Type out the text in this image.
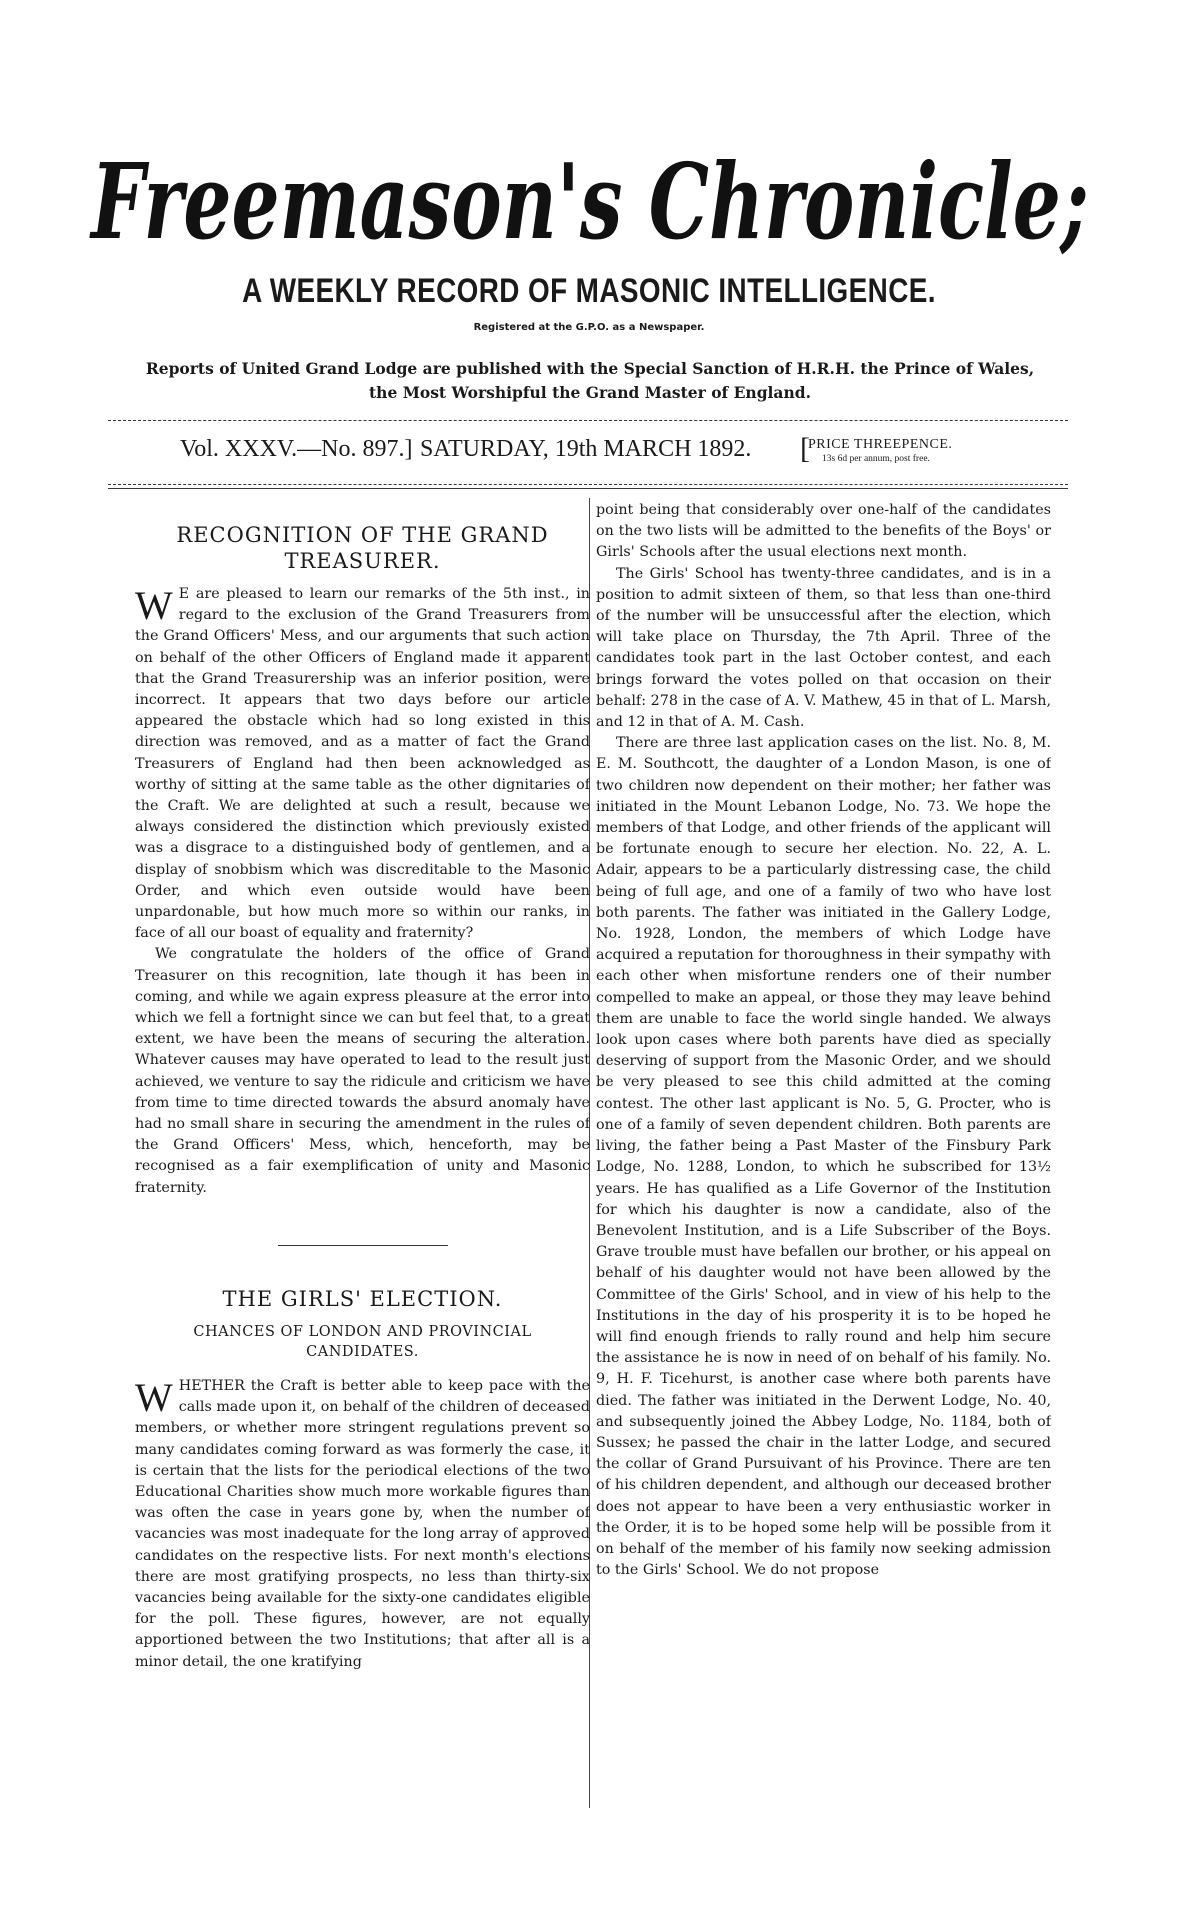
Freemason's Chronicle;
A WEEKLY RECORD OF MASONIC INTELLIGENCE.
Registered at the G.P.O. as a Newspaper.
Reports of United Grand Lodge are published with the Special Sanction of H.R.H. the Prince of Wales,
the Most Worshipful the Grand Master of England.
Vol. XXXV.—No. 897.] SATURDAY, 19th MARCH 1892. [
PRICE THREEPENCE.
13s 6d per annum, post free.
RECOGNITION OF THE GRAND TREASURER.

W E are pleased to learn our remarks of the 5th inst., in regard to the exclusion of the Grand Treasurers from the Grand Officers' Mess, and our arguments that such action on behalf of the other Officers of England made it apparent that the Grand Treasurership was an inferior position, were incorrect. It appears that two days before our article appeared the obstacle which had so long existed in this direction was removed, and as a matter of fact the Grand Treasurers of England had then been acknowledged as worthy of sitting at the same table as the other dignitaries of the Craft. We are delighted at such a result, because we always considered the distinction which previously existed was a disgrace to a distinguished body of gentlemen, and a display of snobbism which was discreditable to the Masonic Order, and which even outside would have been unpardonable, but how much more so within our ranks, in face of all our boast of equality and fraternity?

We congratulate the holders of the office of Grand Treasurer on this recognition, late though it has been in coming, and while we again express pleasure at the error into which we fell a fortnight since we can but feel that, to a great extent, we have been the means of securing the alteration. Whatever causes may have operated to lead to the result just achieved, we venture to say the ridicule and criticism we have from time to time directed towards the absurd anomaly have had no small share in securing the amendment in the rules of the Grand Officers' Mess, which, henceforth, may be recognised as a fair exemplification of unity and Masonic fraternity.

THE GIRLS' ELECTION.
CHANCES OF LONDON AND PROVINCIAL CANDIDATES.

WHETHER the Craft is better able to keep pace with the calls made upon it, on behalf of the children of deceased members, or whether more stringent regulations prevent so many candidates coming forward as was formerly the case, it is certain that the lists for the periodical elections of the two Educational Charities show much more workable figures than was often the case in years gone by, when the number of vacancies was most inadequate for the long array of approved candidates on the respective lists. For next month's elections there are most gratifying prospects, no less than thirty-six vacancies being available for the sixty-one candidates eligible for the poll. These figures, however, are not equally apportioned between the two Institutions; that after all is a minor detail, the one kratifying

point being that considerably over one-half of the candidates on the two lists will be admitted to the benefits of the Boys' or Girls' Schools after the usual elections next month.

The Girls' School has twenty-three candidates, and is in a position to admit sixteen of them, so that less than one-third of the number will be unsuccessful after the election, which will take place on Thursday, the 7th April. Three of the candidates took part in the last October contest, and each brings forward the votes polled on that occasion on their behalf: 278 in the case of A. V. Mathew, 45 in that of L. Marsh, and 12 in that of A. M. Cash.

There are three last application cases on the list. No. 8, M. E. M. Southcott, the daughter of a London Mason, is one of two children now dependent on their mother; her father was initiated in the Mount Lebanon Lodge, No. 73. We hope the members of that Lodge, and other friends of the applicant will be fortunate enough to secure her election. No. 22, A. L. Adair, appears to be a particularly distressing case, the child being of full age, and one of a family of two who have lost both parents. The father was initiated in the Gallery Lodge, No. 1928, London, the members of which Lodge have acquired a reputation for thoroughness in their sympathy with each other when misfortune renders one of their number compelled to make an appeal, or those they may leave behind them are unable to face the world single handed. We always look upon cases where both parents have died as specially deserving of support from the Masonic Order, and we should be very pleased to see this child admitted at the coming contest. The other last applicant is No. 5, G. Procter, who is one of a family of seven dependent children. Both parents are living, the father being a Past Master of the Finsbury Park Lodge, No. 1288, London, to which he subscribed for 13½ years. He has qualified as a Life Governor of the Institution for which his daughter is now a candidate, also of the Benevolent Institution, and is a Life Subscriber of the Boys. Grave trouble must have befallen our brother, or his appeal on behalf of his daughter would not have been allowed by the Committee of the Girls' School, and in view of his help to the Institutions in the day of his prosperity it is to be hoped he will find enough friends to rally round and help him secure the assistance he is now in need of on behalf of his family. No. 9, H. F. Ticehurst, is another case where both parents have died. The father was initiated in the Derwent Lodge, No. 40, and subsequently joined the Abbey Lodge, No. 1184, both of Sussex; he passed the chair in the latter Lodge, and secured the collar of Grand Pursuivant of his Province. There are ten of his children dependent, and although our deceased brother does not appear to have been a very enthusiastic worker in the Order, it is to be hoped some help will be possible from it on behalf of the member of his family now seeking admission to the Girls' School. We do not propose
